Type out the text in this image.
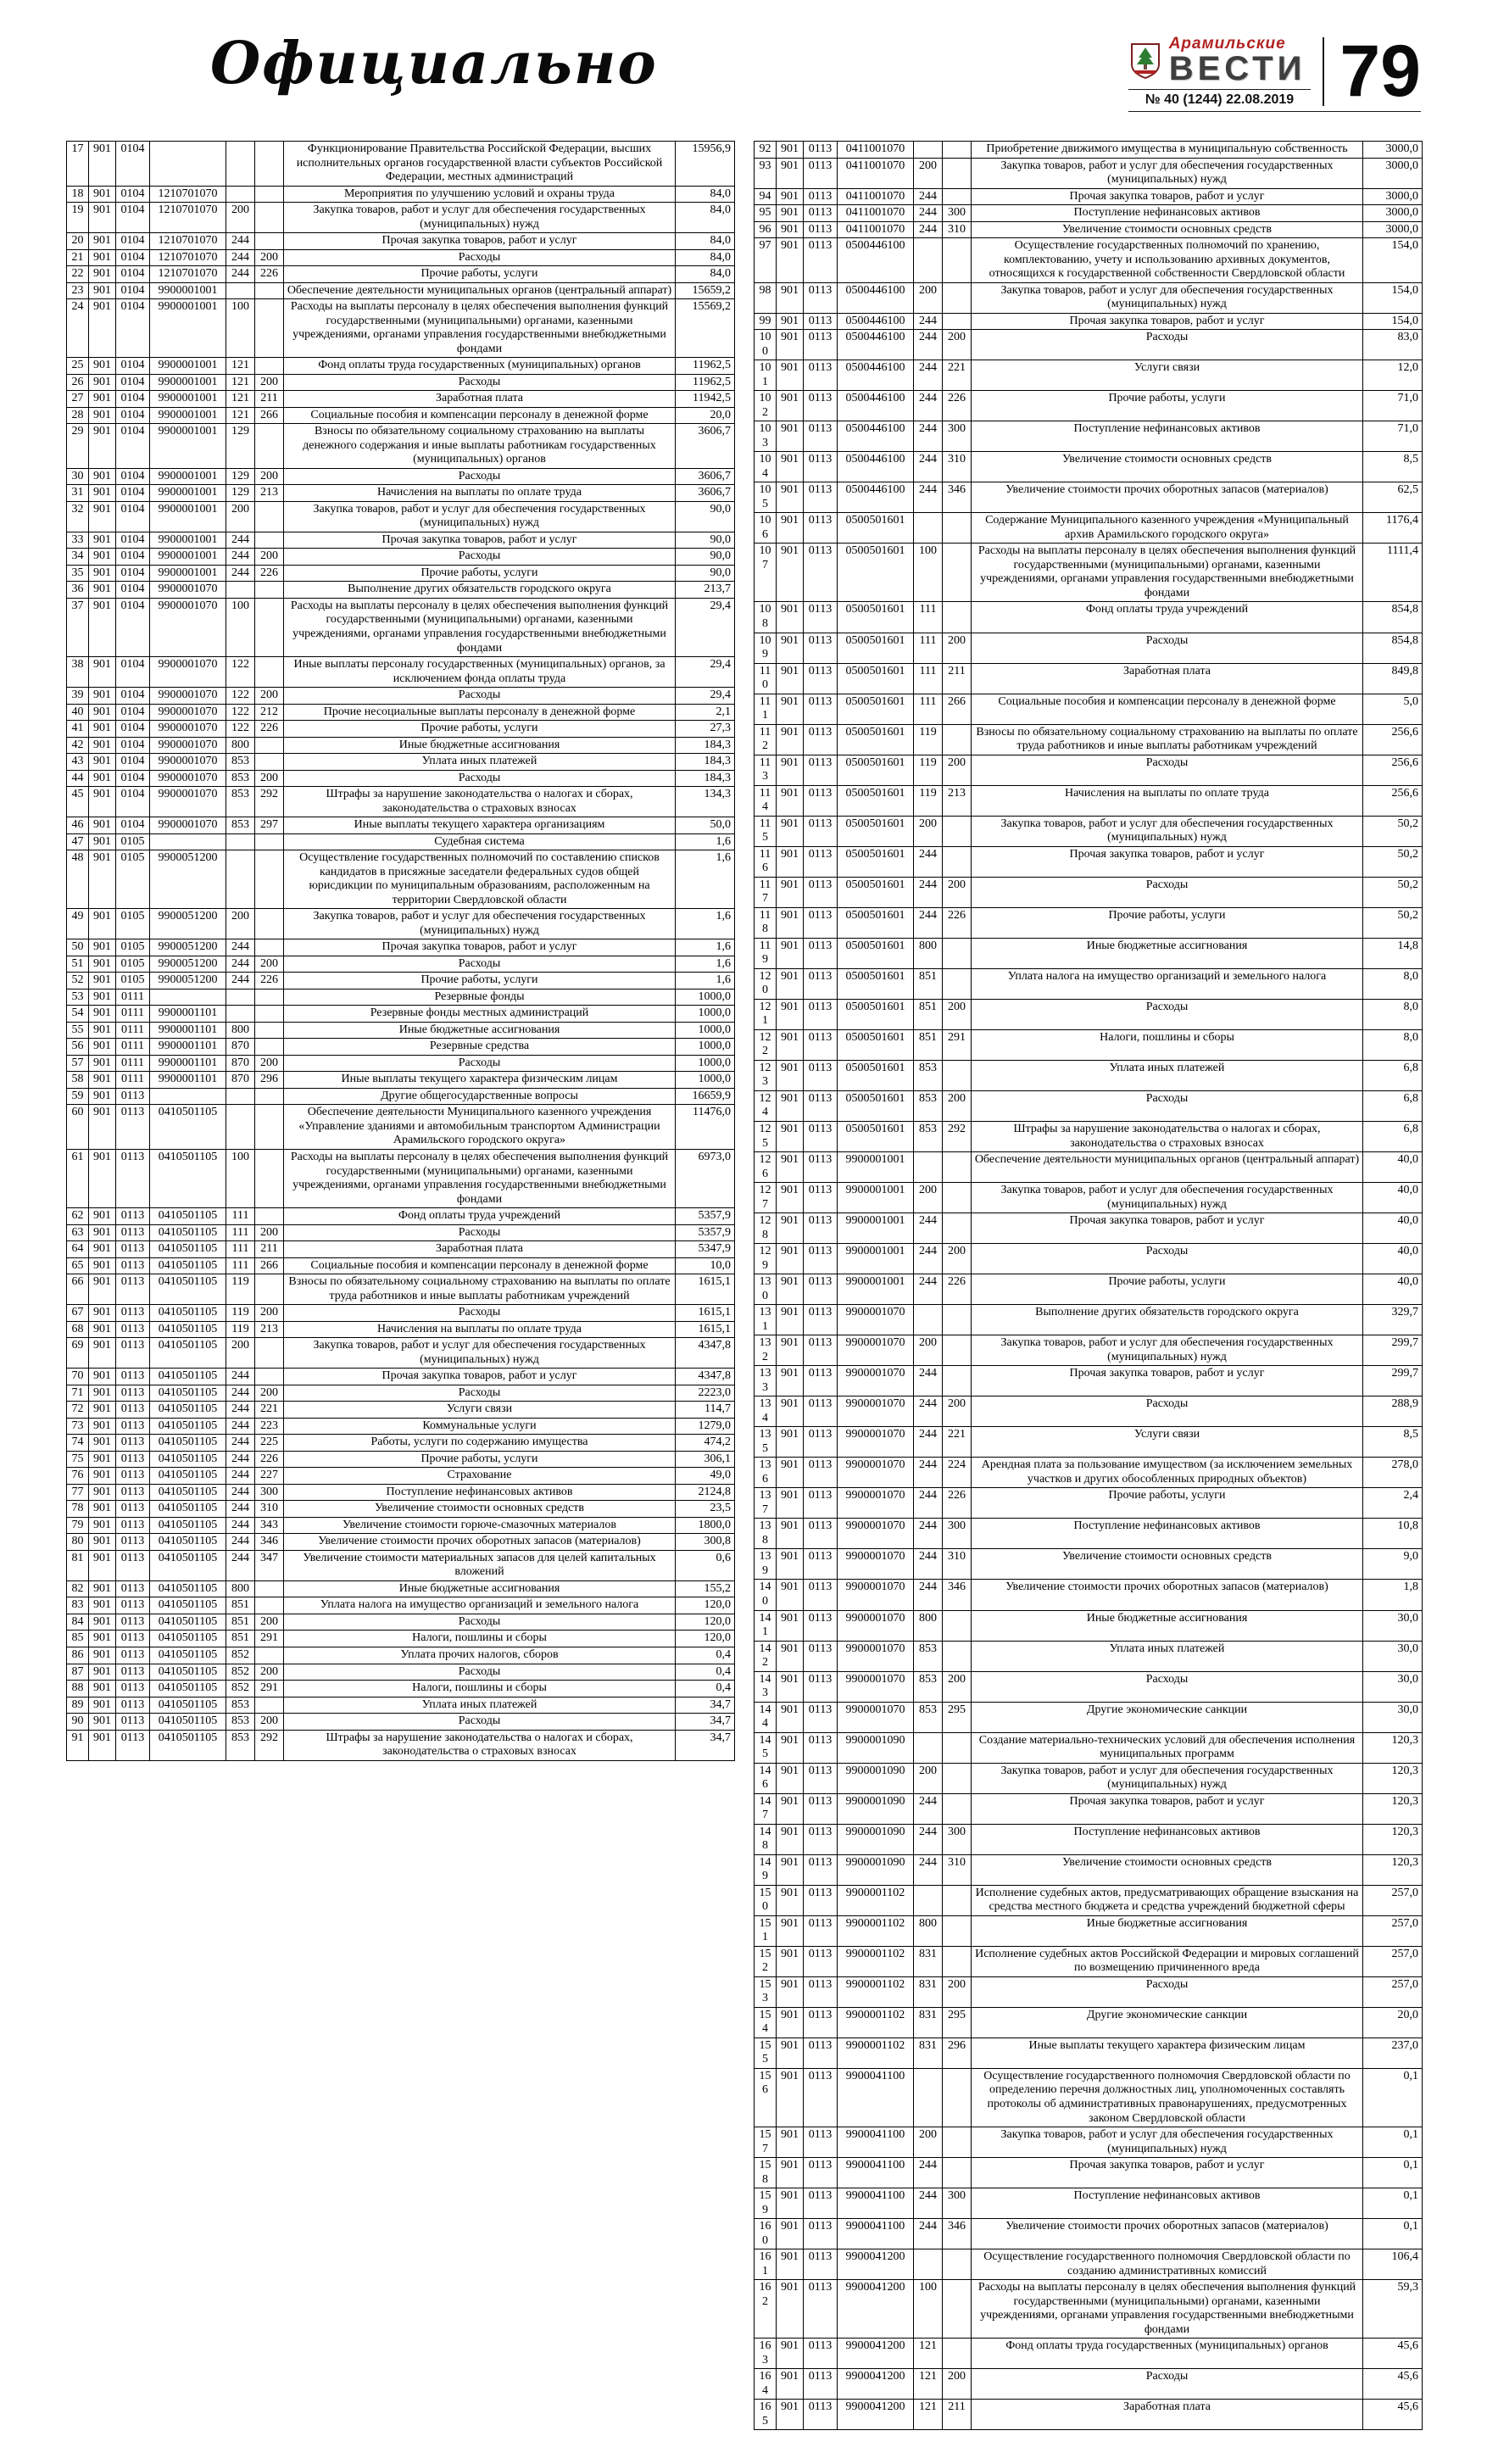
Официально	Арамильские
ВЕСТИ
№ 40 (1244) 22.08.2019 79
17	901	0104				Функционирование Правительства Российской Федерации, высших исполнительных органов государственной власти субъектов Российской Федерации, местных администраций	15956,9
18	901	0104	1210701070			Мероприятия по улучшению условий и охраны труда	84,0
19	901	0104	1210701070	200		Закупка товаров, работ и услуг для обеспечения государственных (муниципальных) нужд	84,0
20	901	0104	1210701070	244		Прочая закупка товаров, работ и услуг	84,0
21	901	0104	1210701070	244	200	Расходы	84,0
22	901	0104	1210701070	244	226	Прочие работы, услуги	84,0
23	901	0104	9900001001			Обеспечение деятельности муниципальных органов (центральный аппарат)	15659,2
24	901	0104	9900001001	100		Расходы на выплаты персоналу в целях обеспечения выполнения функций государственными (муниципальными) органами, казенными учреждениями, органами управления государственными внебюджетными фондами	15569,2
25	901	0104	9900001001	121		Фонд оплаты труда государственных (муниципальных) органов	11962,5
26	901	0104	9900001001	121	200	Расходы	11962,5
27	901	0104	9900001001	121	211	Заработная плата	11942,5
28	901	0104	9900001001	121	266	Социальные пособия и компенсации персоналу в денежной форме	20,0
29	901	0104	9900001001	129		Взносы по обязательному социальному страхованию на выплаты денежного содержания и иные выплаты работникам государственных (муниципальных) органов	3606,7
30	901	0104	9900001001	129	200	Расходы	3606,7
31	901	0104	9900001001	129	213	Начисления на выплаты по оплате труда	3606,7
32	901	0104	9900001001	200		Закупка товаров, работ и услуг для обеспечения государственных (муниципальных) нужд	90,0
33	901	0104	9900001001	244		Прочая закупка товаров, работ и услуг	90,0
34	901	0104	9900001001	244	200	Расходы	90,0
35	901	0104	9900001001	244	226	Прочие работы, услуги	90,0
36	901	0104	9900001070			Выполнение других обязательств городского округа	213,7
37	901	0104	9900001070	100		Расходы на выплаты персоналу в целях обеспечения выполнения функций государственными (муниципальными) органами, казенными учреждениями, органами управления государственными внебюджетными фондами	29,4
38	901	0104	9900001070	122		Иные выплаты персоналу государственных (муниципальных) органов, за исключением фонда оплаты труда	29,4
39	901	0104	9900001070	122	200	Расходы	29,4
40	901	0104	9900001070	122	212	Прочие несоциальные выплаты персоналу в денежной форме	2,1
41	901	0104	9900001070	122	226	Прочие работы, услуги	27,3
42	901	0104	9900001070	800		Иные бюджетные ассигнования	184,3
43	901	0104	9900001070	853		Уплата иных платежей	184,3
44	901	0104	9900001070	853	200	Расходы	184,3
45	901	0104	9900001070	853	292	Штрафы за нарушение законодательства о налогах и сборах, законодательства о страховых взносах	134,3
46	901	0104	9900001070	853	297	Иные выплаты текущего характера организациям	50,0
47	901	0105				Судебная система	1,6
48	901	0105	9900051200			Осуществление государственных полномочий по составлению списков кандидатов в присяжные заседатели федеральных судов общей юрисдикции по муниципальным образованиям, расположенным на территории Свердловской области	1,6
49	901	0105	9900051200	200		Закупка товаров, работ и услуг для обеспечения государственных (муниципальных) нужд	1,6
50	901	0105	9900051200	244		Прочая закупка товаров, работ и услуг	1,6
51	901	0105	9900051200	244	200	Расходы	1,6
52	901	0105	9900051200	244	226	Прочие работы, услуги	1,6
53	901	0111				Резервные фонды	1000,0
54	901	0111	9900001101			Резервные фонды местных администраций	1000,0
55	901	0111	9900001101	800		Иные бюджетные ассигнования	1000,0
56	901	0111	9900001101	870		Резервные средства	1000,0
57	901	0111	9900001101	870	200	Расходы	1000,0
58	901	0111	9900001101	870	296	Иные выплаты текущего характера физическим лицам	1000,0
59	901	0113				Другие общегосударственные вопросы	16659,9
60	901	0113	0410501105			Обеспечение деятельности Муниципального казенного учреждения «Управление зданиями и автомобильным транспортом Администрации Арамильского городского округа»	11476,0
61	901	0113	0410501105	100		Расходы на выплаты персоналу в целях обеспечения выполнения функций государственными (муниципальными) органами, казенными учреждениями, органами управления государственными внебюджетными фондами	6973,0
62	901	0113	0410501105	111		Фонд оплаты труда учреждений	5357,9
63	901	0113	0410501105	111	200	Расходы	5357,9
64	901	0113	0410501105	111	211	Заработная плата	5347,9
65	901	0113	0410501105	111	266	Социальные пособия и компенсации персоналу в денежной форме	10,0
66	901	0113	0410501105	119		Взносы по обязательному социальному страхованию на выплаты по оплате труда работников и иные выплаты работникам учреждений	1615,1
67	901	0113	0410501105	119	200	Расходы	1615,1
68	901	0113	0410501105	119	213	Начисления на выплаты по оплате труда	1615,1
69	901	0113	0410501105	200		Закупка товаров, работ и услуг для обеспечения государственных (муниципальных) нужд	4347,8
70	901	0113	0410501105	244		Прочая закупка товаров, работ и услуг	4347,8
71	901	0113	0410501105	244	200	Расходы	2223,0
72	901	0113	0410501105	244	221	Услуги связи	114,7
73	901	0113	0410501105	244	223	Коммунальные услуги	1279,0
74	901	0113	0410501105	244	225	Работы, услуги по содержанию имущества	474,2
75	901	0113	0410501105	244	226	Прочие работы, услуги	306,1
76	901	0113	0410501105	244	227	Страхование	49,0
77	901	0113	0410501105	244	300	Поступление нефинансовых активов	2124,8
78	901	0113	0410501105	244	310	Увеличение стоимости основных средств	23,5
79	901	0113	0410501105	244	343	Увеличение стоимости горюче-смазочных материалов	1800,0
80	901	0113	0410501105	244	346	Увеличение стоимости прочих оборотных запасов (материалов)	300,8
81	901	0113	0410501105	244	347	Увеличение стоимости материальных запасов для целей капитальных вложений	0,6
82	901	0113	0410501105	800		Иные бюджетные ассигнования	155,2
83	901	0113	0410501105	851		Уплата налога на имущество организаций и земельного налога	120,0
84	901	0113	0410501105	851	200	Расходы	120,0
85	901	0113	0410501105	851	291	Налоги, пошлины и сборы	120,0
86	901	0113	0410501105	852		Уплата прочих налогов, сборов	0,4
87	901	0113	0410501105	852	200	Расходы	0,4
88	901	0113	0410501105	852	291	Налоги, пошлины и сборы	0,4
89	901	0113	0410501105	853		Уплата иных платежей	34,7
90	901	0113	0410501105	853	200	Расходы	34,7
91	901	0113	0410501105	853	292	Штрафы за нарушение законодательства о налогах и сборах, законодательства о страховых взносах	34,7
92	901	0113	0411001070			Приобретение движимого имущества в муниципальную собственность	3000,0
93	901	0113	0411001070	200		Закупка товаров, работ и услуг для обеспечения государственных (муниципальных) нужд	3000,0
94	901	0113	0411001070	244		Прочая закупка товаров, работ и услуг	3000,0
95	901	0113	0411001070	244	300	Поступление нефинансовых активов	3000,0
96	901	0113	0411001070	244	310	Увеличение стоимости основных средств	3000,0
97	901	0113	0500446100			Осуществление государственных полномочий по хранению, комплектованию, учету и использованию архивных документов, относящихся к государственной собственности Свердловской области	154,0
98	901	0113	0500446100	200		Закупка товаров, работ и услуг для обеспечения государственных (муниципальных) нужд	154,0
99	901	0113	0500446100	244		Прочая закупка товаров, работ и услуг	154,0
100	901	0113	0500446100	244	200	Расходы	83,0
101	901	0113	0500446100	244	221	Услуги связи	12,0
102	901	0113	0500446100	244	226	Прочие работы, услуги	71,0
103	901	0113	0500446100	244	300	Поступление нефинансовых активов	71,0
104	901	0113	0500446100	244	310	Увеличение стоимости основных средств	8,5
105	901	0113	0500446100	244	346	Увеличение стоимости прочих оборотных запасов (материалов)	62,5
106	901	0113	0500501601			Содержание Муниципального казенного учреждения «Муниципальный архив Арамильского городского округа»	1176,4
107	901	0113	0500501601	100		Расходы на выплаты персоналу в целях обеспечения выполнения функций государственными (муниципальными) органами, казенными учреждениями, органами управления государственными внебюджетными фондами	1111,4
108	901	0113	0500501601	111		Фонд оплаты труда учреждений	854,8
109	901	0113	0500501601	111	200	Расходы	854,8
110	901	0113	0500501601	111	211	Заработная плата	849,8
111	901	0113	0500501601	111	266	Социальные пособия и компенсации персоналу в денежной форме	5,0
112	901	0113	0500501601	119		Взносы по обязательному социальному страхованию на выплаты по оплате труда работников и иные выплаты работникам учреждений	256,6
113	901	0113	0500501601	119	200	Расходы	256,6
114	901	0113	0500501601	119	213	Начисления на выплаты по оплате труда	256,6
115	901	0113	0500501601	200		Закупка товаров, работ и услуг для обеспечения государственных (муниципальных) нужд	50,2
116	901	0113	0500501601	244		Прочая закупка товаров, работ и услуг	50,2
117	901	0113	0500501601	244	200	Расходы	50,2
118	901	0113	0500501601	244	226	Прочие работы, услуги	50,2
119	901	0113	0500501601	800		Иные бюджетные ассигнования	14,8
120	901	0113	0500501601	851		Уплата налога на имущество организаций и земельного налога	8,0
121	901	0113	0500501601	851	200	Расходы	8,0
122	901	0113	0500501601	851	291	Налоги, пошлины и сборы	8,0
123	901	0113	0500501601	853		Уплата иных платежей	6,8
124	901	0113	0500501601	853	200	Расходы	6,8
125	901	0113	0500501601	853	292	Штрафы за нарушение законодательства о налогах и сборах, законодательства о страховых взносах	6,8
126	901	0113	9900001001			Обеспечение деятельности муниципальных органов (центральный аппарат)	40,0
127	901	0113	9900001001	200		Закупка товаров, работ и услуг для обеспечения государственных (муниципальных) нужд	40,0
128	901	0113	9900001001	244		Прочая закупка товаров, работ и услуг	40,0
129	901	0113	9900001001	244	200	Расходы	40,0
130	901	0113	9900001001	244	226	Прочие работы, услуги	40,0
131	901	0113	9900001070			Выполнение других обязательств городского округа	329,7
132	901	0113	9900001070	200		Закупка товаров, работ и услуг для обеспечения государственных (муниципальных) нужд	299,7
133	901	0113	9900001070	244		Прочая закупка товаров, работ и услуг	299,7
134	901	0113	9900001070	244	200	Расходы	288,9
135	901	0113	9900001070	244	221	Услуги связи	8,5
136	901	0113	9900001070	244	224	Арендная плата за пользование имуществом (за исключением земельных участков и других обособленных природных объектов)	278,0
137	901	0113	9900001070	244	226	Прочие работы, услуги	2,4
138	901	0113	9900001070	244	300	Поступление нефинансовых активов	10,8
139	901	0113	9900001070	244	310	Увеличение стоимости основных средств	9,0
140	901	0113	9900001070	244	346	Увеличение стоимости прочих оборотных запасов (материалов)	1,8
141	901	0113	9900001070	800		Иные бюджетные ассигнования	30,0
142	901	0113	9900001070	853		Уплата иных платежей	30,0
143	901	0113	9900001070	853	200	Расходы	30,0
144	901	0113	9900001070	853	295	Другие экономические санкции	30,0
145	901	0113	9900001090			Создание материально-технических условий для обеспечения исполнения муниципальных программ	120,3
146	901	0113	9900001090	200		Закупка товаров, работ и услуг для обеспечения государственных (муниципальных) нужд	120,3
147	901	0113	9900001090	244		Прочая закупка товаров, работ и услуг	120,3
148	901	0113	9900001090	244	300	Поступление нефинансовых активов	120,3
149	901	0113	9900001090	244	310	Увеличение стоимости основных средств	120,3
150	901	0113	9900001102			Исполнение судебных актов, предусматривающих обращение взыскания на средства местного бюджета и средства учреждений бюджетной сферы	257,0
151	901	0113	9900001102	800		Иные бюджетные ассигнования	257,0
152	901	0113	9900001102	831		Исполнение судебных актов Российской Федерации и мировых соглашений по возмещению причиненного вреда	257,0
153	901	0113	9900001102	831	200	Расходы	257,0
154	901	0113	9900001102	831	295	Другие экономические санкции	20,0
155	901	0113	9900001102	831	296	Иные выплаты текущего характера физическим лицам	237,0
156	901	0113	9900041100			Осуществление государственного полномочия Свердловской области по определению перечня должностных лиц, уполномоченных составлять протоколы об административных правонарушениях, предусмотренных законом Свердловской области	0,1
157	901	0113	9900041100	200		Закупка товаров, работ и услуг для обеспечения государственных (муниципальных) нужд	0,1
158	901	0113	9900041100	244		Прочая закупка товаров, работ и услуг	0,1
159	901	0113	9900041100	244	300	Поступление нефинансовых активов	0,1
160	901	0113	9900041100	244	346	Увеличение стоимости прочих оборотных запасов (материалов)	0,1
161	901	0113	9900041200			Осуществление государственного полномочия Свердловской области по созданию административных комиссий	106,4
162	901	0113	9900041200	100		Расходы на выплаты персоналу в целях обеспечения выполнения функций государственными (муниципальными) органами, казенными учреждениями, органами управления государственными внебюджетными фондами	59,3
163	901	0113	9900041200	121		Фонд оплаты труда государственных (муниципальных) органов	45,6
164	901	0113	9900041200	121	200	Расходы	45,6
165	901	0113	9900041200	121	211	Заработная плата	45,6
